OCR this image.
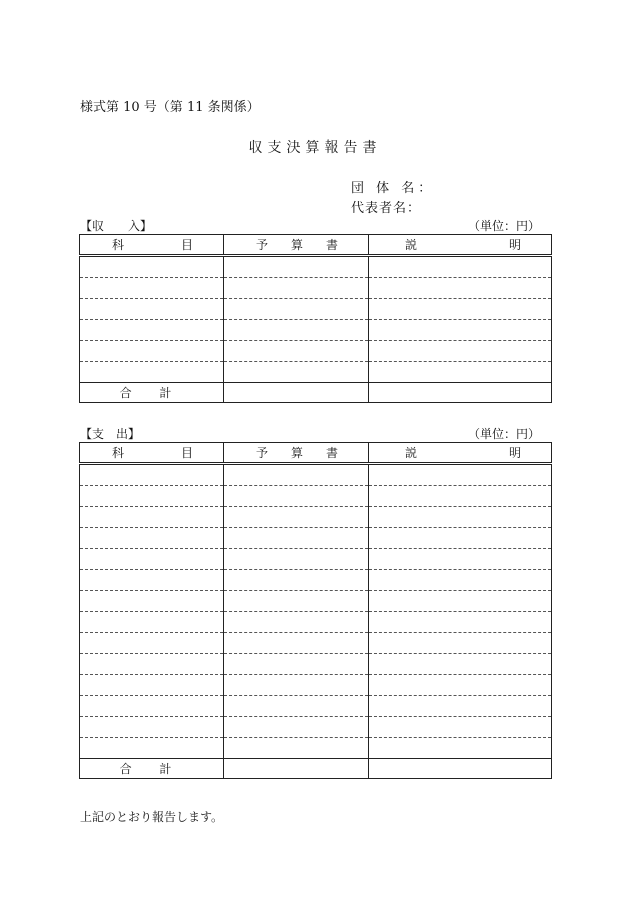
様式第 10 号（第 11 条関係）
収支決算報告書
団 体 名：
代表者名：
【収　　入】	（単位：円）
科 目	予 算 書	説 明

合 計		
【支　出】	（単位：円）
科 目	予 算 書	説 明

合 計		
上記のとおり報告します。
